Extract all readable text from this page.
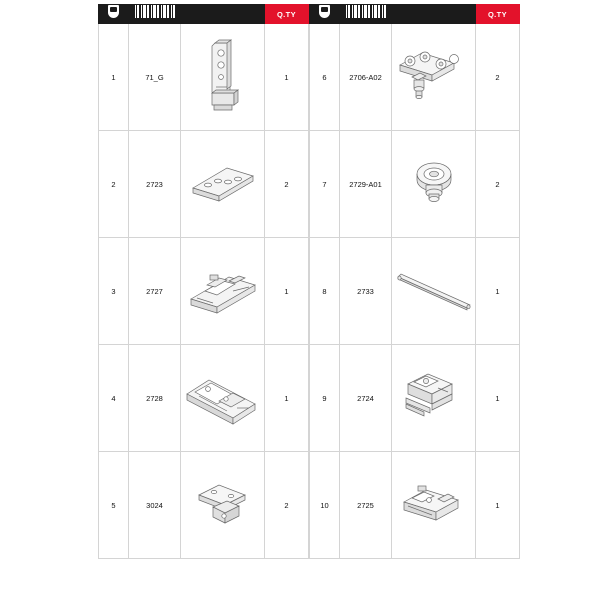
			Q.TY
1	71_G		1
2	2723		2
3	2727		1
4	2728		1
5	3024		2
			Q.TY
6	2706-A02		2
7	2729-A01		2
8	2733		1
9	2724		1
10	2725		1
